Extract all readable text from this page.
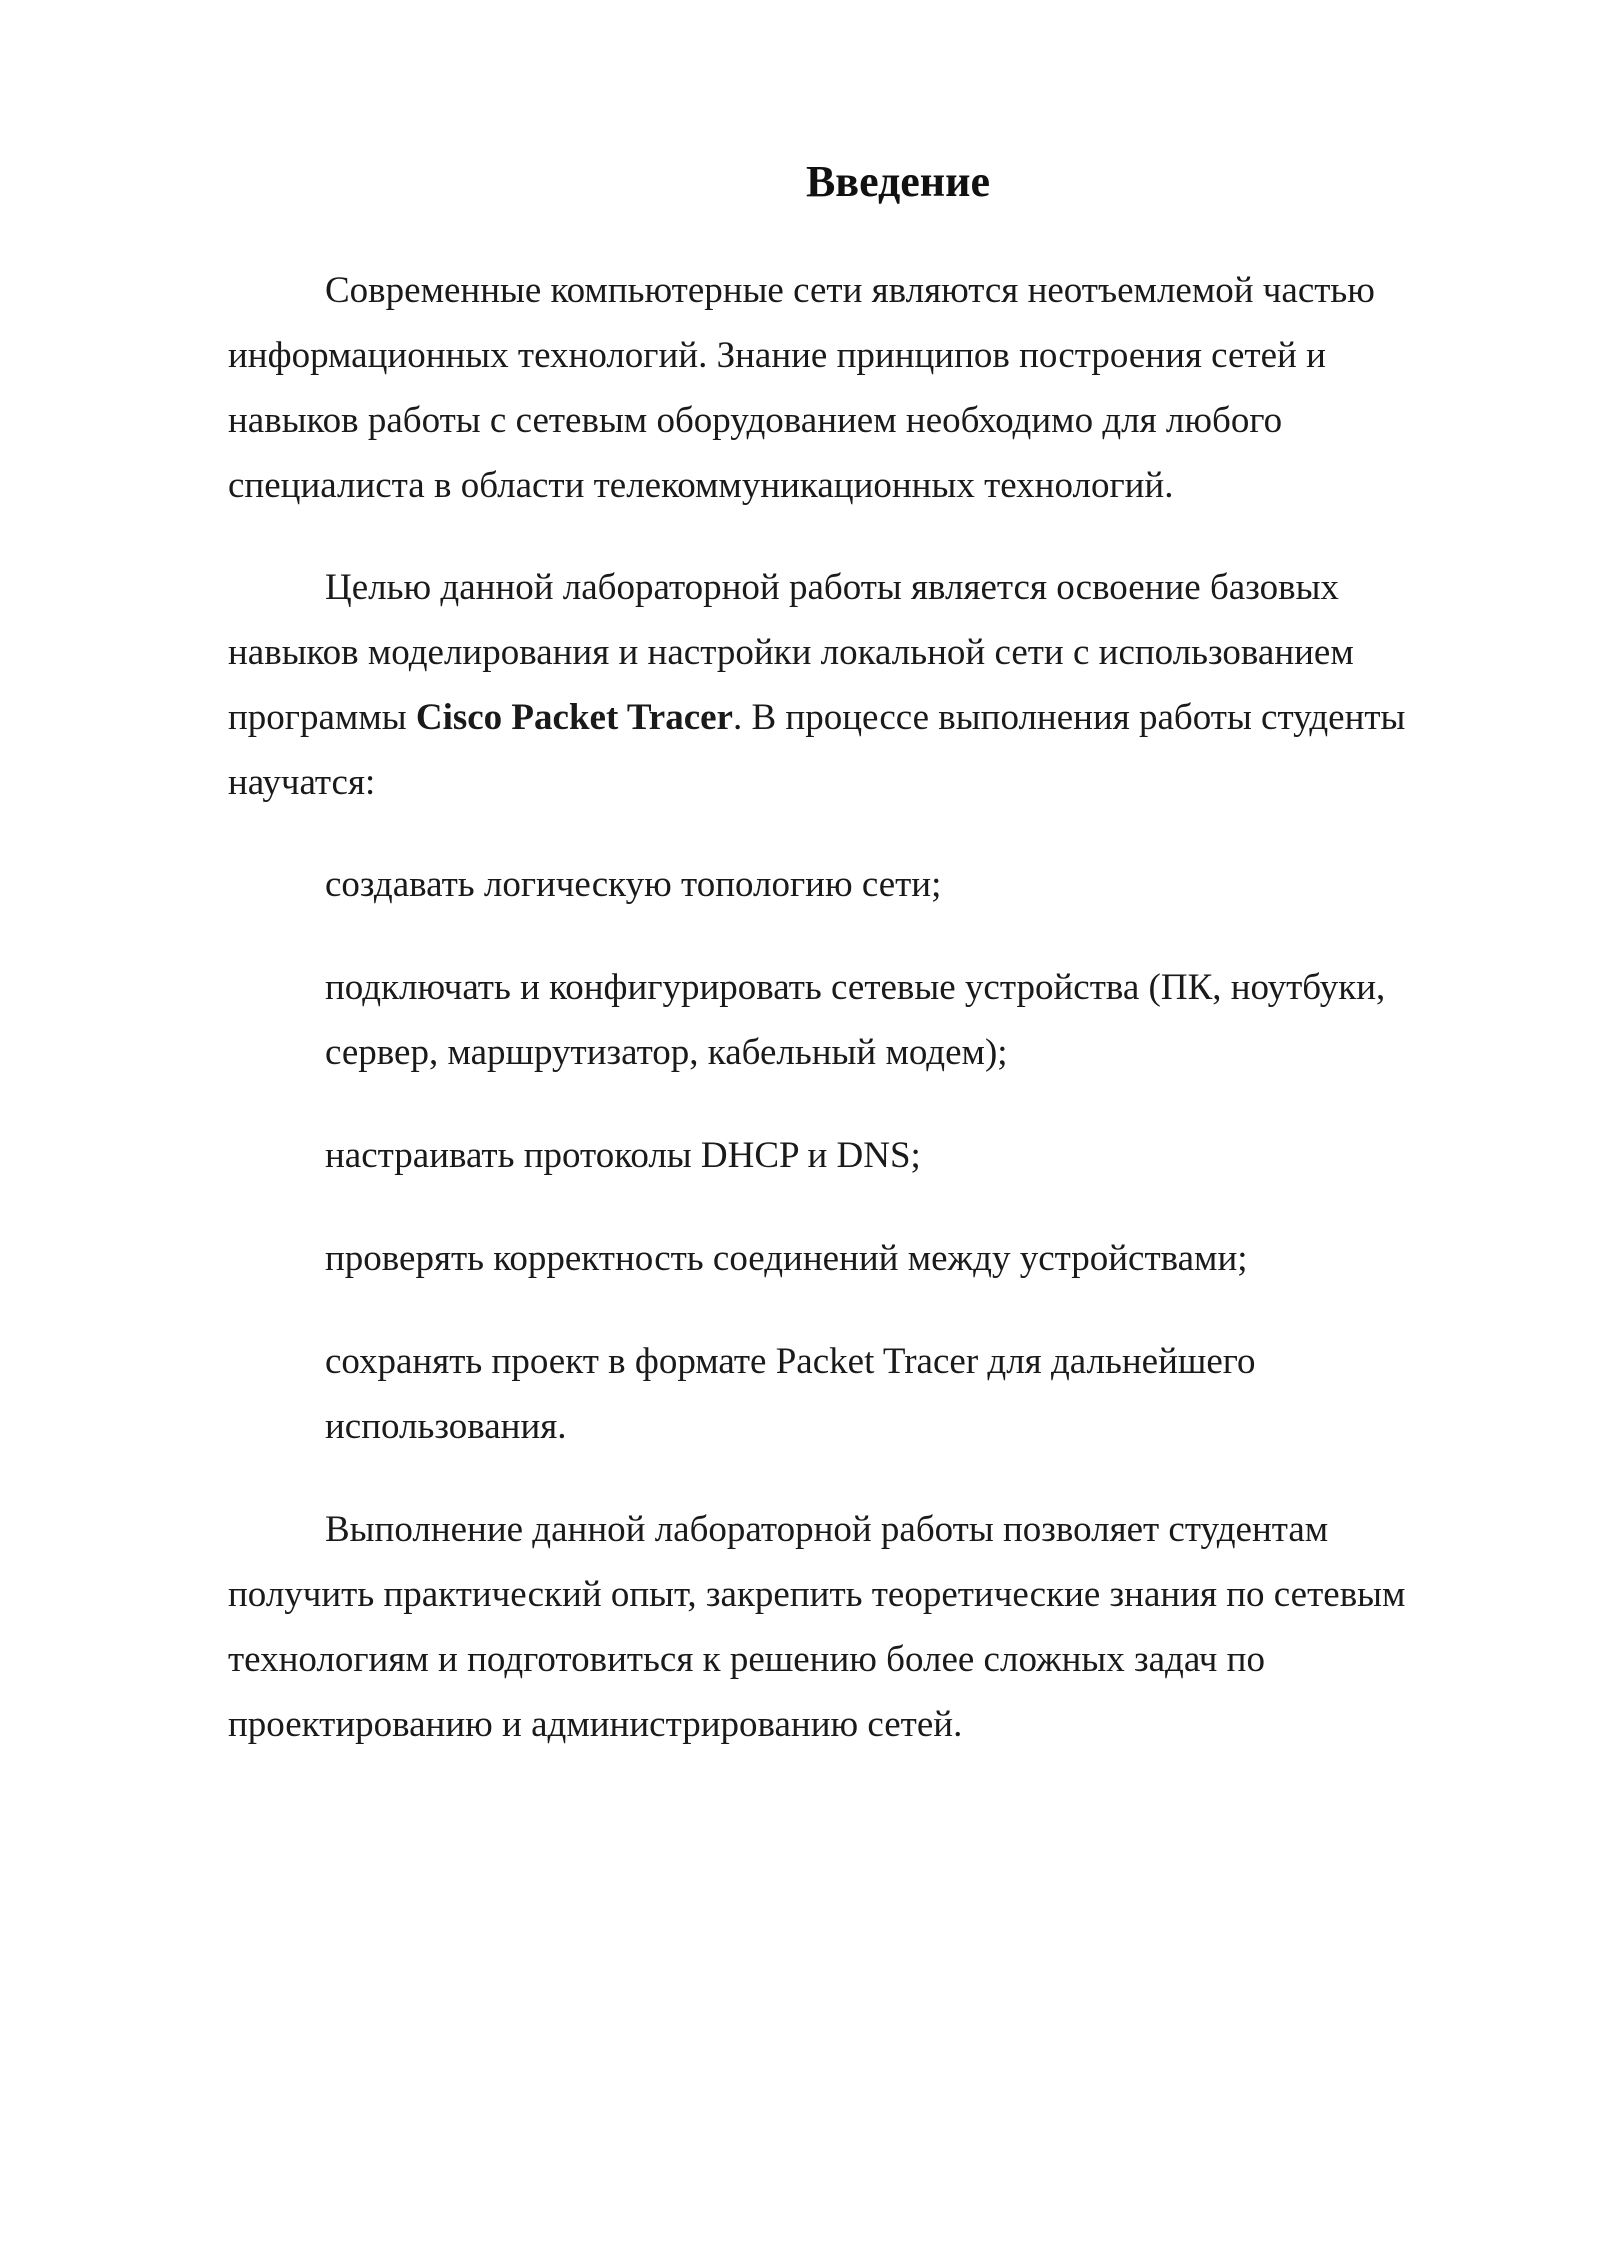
Введение

Современные компьютерные сети являются неотъемлемой частью информационных технологий. Знание принципов построения сетей и навыков работы с сетевым оборудованием необходимо для любого специалиста в области телекоммуникационных технологий.

Целью данной лабораторной работы является освоение базовых навыков моделирования и настройки локальной сети с использованием программы Cisco Packet Tracer. В процессе выполнения работы студенты научатся:

создавать логическую топологию сети;
подключать и конфигурировать сетевые устройства (ПК, ноутбуки, сервер, маршрутизатор, кабельный модем);
настраивать протоколы DHCP и DNS;
проверять корректность соединений между устройствами;
сохранять проект в формате Packet Tracer для дальнейшего использования.

Выполнение данной лабораторной работы позволяет студентам получить практический опыт, закрепить теоретические знания по сетевым технологиям и подготовиться к решению более сложных задач по проектированию и администрированию сетей.
